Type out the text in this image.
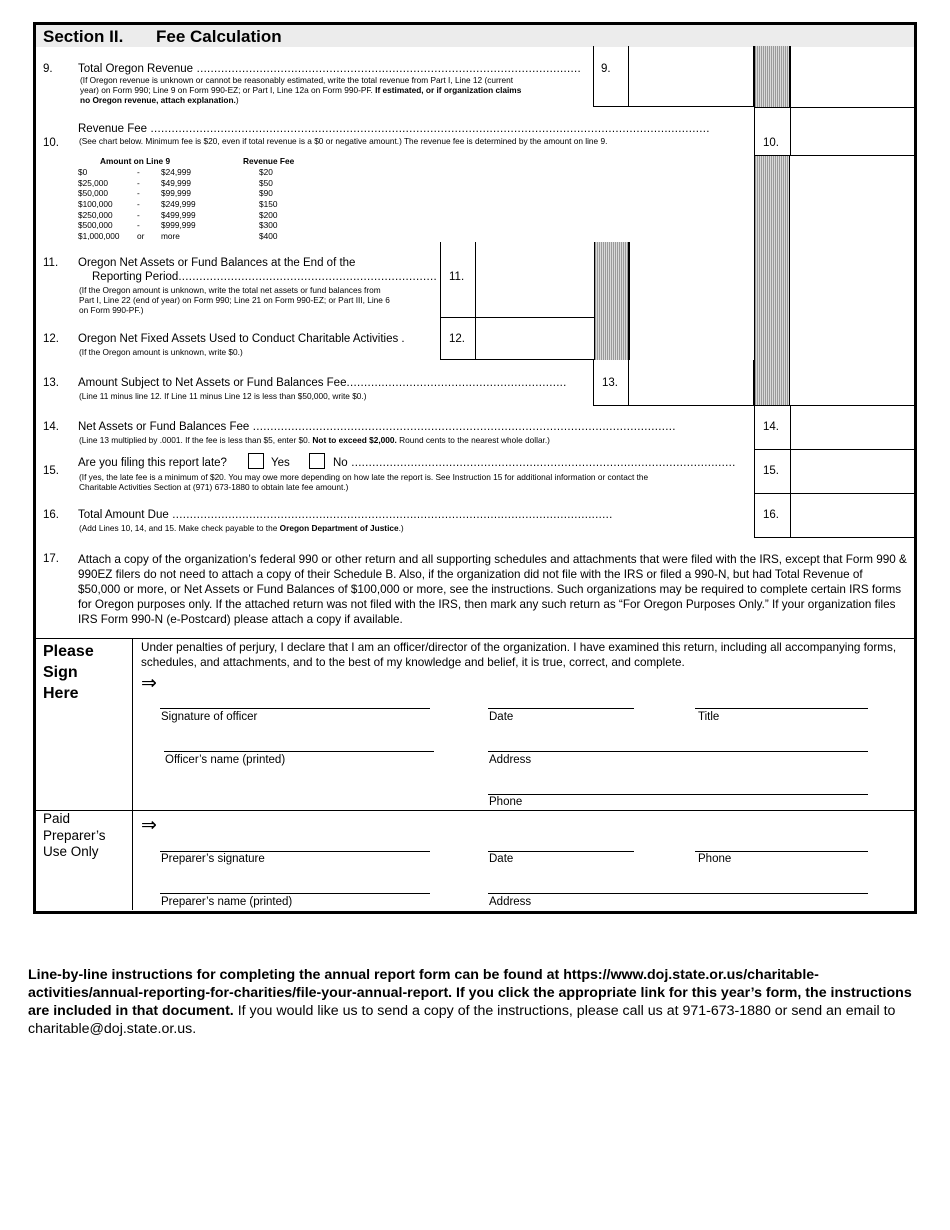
Section II. Fee Calculation
9. Total Oregon Revenue ..............................................................................................................
(If Oregon revenue is unknown or cannot be reasonably estimated, write the total revenue from Part I, Line 12 (current
year) on Form 990; Line 9 on Form 990-EZ; or Part I, Line 12a on Form 990-PF. If estimated, or if organization claims
no Oregon revenue, attach explanation.)
9.
Revenue Fee ................................................................................................................................................................
10. (See chart below. Minimum fee is $20, even if total revenue is a $0 or negative amount.) The revenue fee is determined by the amount on line 9.	10.
Amount on Line 9	Revenue Fee
$0	-	$24,999	$20
$25,000	-	$49,999	$50
$50,000	-	$99,999	$90
$100,000	-	$249,999	$150
$250,000	-	$499,999	$200
$500,000	-	$999,999	$300
$1,000,000 or more	$400
11. Oregon Net Assets or Fund Balances at the End of the
Reporting Period..........................................................................
(If the Oregon amount is unknown, write the total net assets or fund balances from
Part I, Line 22 (end of year) on Form 990; Line 21 on Form 990-EZ; or Part III, Line 6
on Form 990-PF.)
11.
12. Oregon Net Fixed Assets Used to Conduct Charitable Activities .
(If the Oregon amount is unknown, write $0.)
12.
13. Amount Subject to Net Assets or Fund Balances Fee...............................................................
(Line 11 minus line 12. If Line 11 minus Line 12 is less than $50,000, write $0.)
13.
14. Net Assets or Fund Balances Fee .........................................................................................................................
(Line 13 multiplied by .0001. If the fee is less than $5, enter $0. Not to exceed $2,000. Round cents to the nearest whole dollar.)
14.
15.
Are you filing this report late?	Yes	No ..............................................................................................................
(If yes, the late fee is a minimum of $20. You may owe more depending on how late the report is. See Instruction 15 for additional information or contact the
Charitable Activities Section at (971) 673-1880 to obtain late fee amount.)
15.
16. Total Amount Due ..............................................................................................................................
(Add Lines 10, 14, and 15. Make check payable to the Oregon Department of Justice.)
16.
17. Attach a copy of the organization’s federal 990 or other return and all supporting schedules and attachments that were filed with the IRS, except that Form 990 & 990EZ filers do not need to attach a copy of their Schedule B. Also, if the organization did not file with the IRS or filed a 990-N, but had Total Revenue of $50,000 or more, or Net Assets or Fund Balances of $100,000 or more, see the instructions. Such organizations may be required to complete certain IRS forms for Oregon purposes only. If the attached return was not filed with the IRS, then mark any such return as “For Oregon Purposes Only.” If your organization files IRS Form 990-N (e-Postcard) please attach a copy if available.
Please
Sign
Here
Under penalties of perjury, I declare that I am an officer/director of the organization. I have examined this return, including all accompanying forms, schedules, and attachments, and to the best of my knowledge and belief, it is true, correct, and complete.
⇒
Signature of officer	Date	Title
Officer’s name (printed)	Address
Phone
Paid
Preparer’s
Use Only
⇒
Preparer’s signature	Date	Phone
Preparer’s name (printed)	Address
Line-by-line instructions for completing the annual report form can be found at https://www.doj.state.or.us/charitable-activities/annual-reporting-for-charities/file-your-annual-report. If you click the appropriate link for this year’s form, the instructions are included in that document. If you would like us to send a copy of the instructions, please call us at 971-673-1880 or send an email to charitable@doj.state.or.us.
